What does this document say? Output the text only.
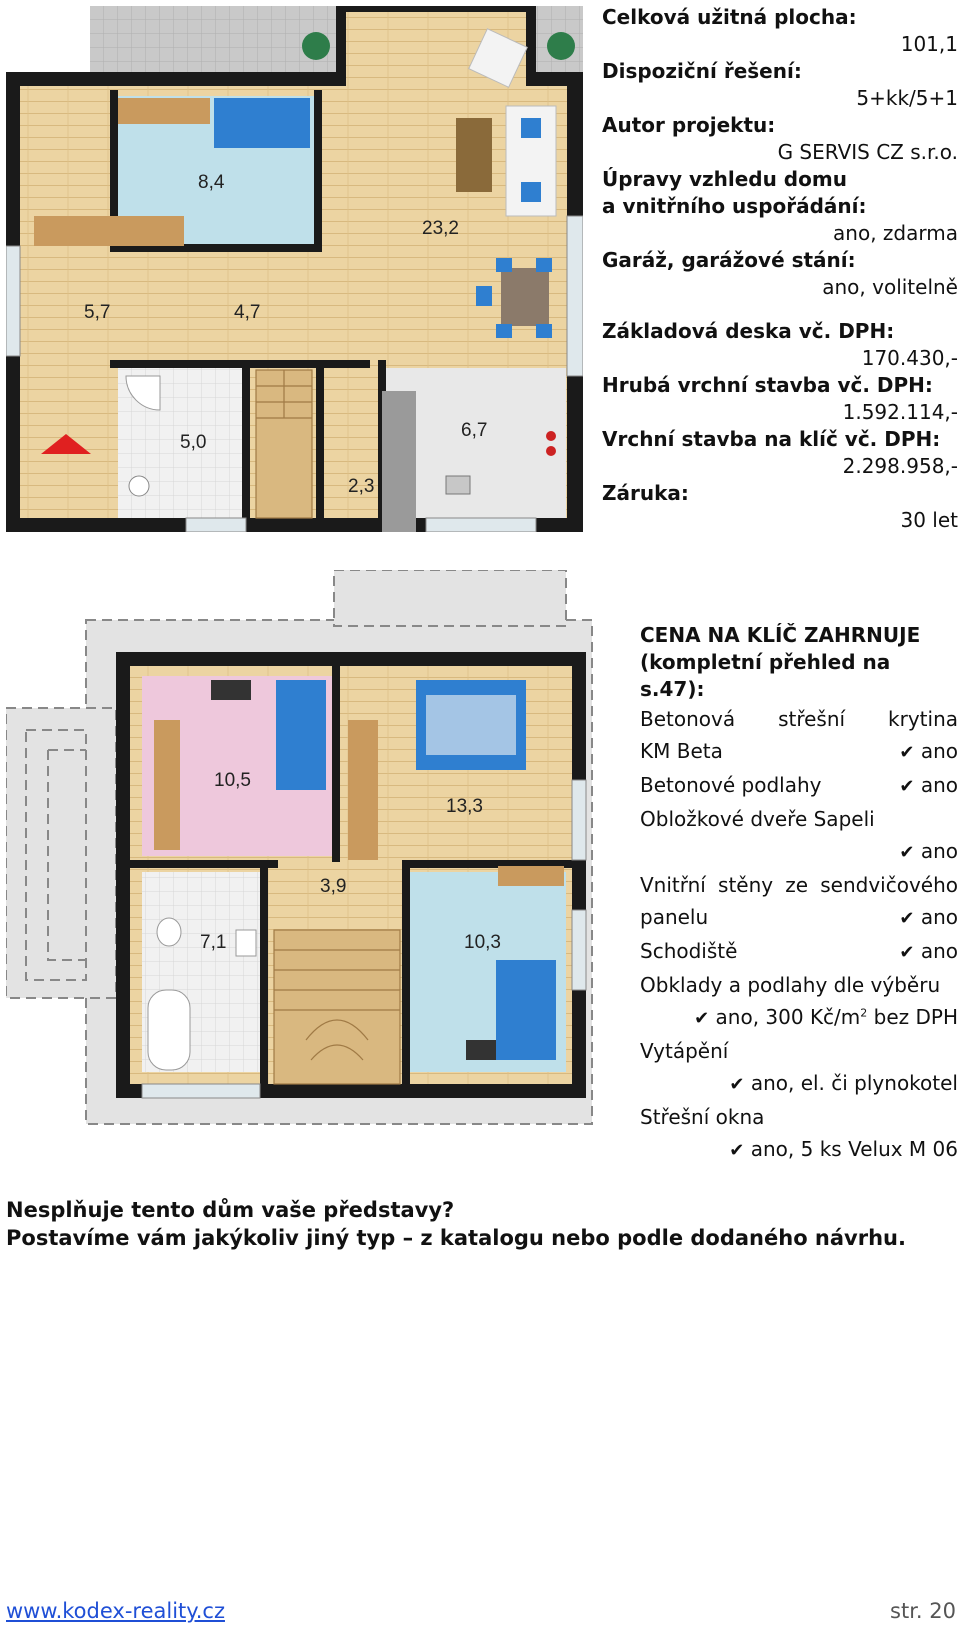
8,4
23,2
5,7	4,7
5,0
6,7
2,3
Celková užitná plocha:
101,1
Dispoziční řešení:
5+kk/5+1
Autor projektu:
G SERVIS CZ s.r.o.
Úpravy vzhledu domu
a vnitřního uspořádání:
ano, zdarma
Garáž, garážové stání:
ano, volitelně
Základová deska vč. DPH:
170.430,-
Hrubá vrchní stavba vč. DPH:
1.592.114,-
Vrchní stavba na klíč vč. DPH:
2.298.958,-
Záruka:
30 let
10,5
13,3
3,9
7,1	10,3
CENA NA KLÍČ ZAHRNUJE
(kompletní přehled na s.47):
Betonová střešní krytina
KM Beta	✔ ano
Betonové podlahy	✔ ano
Obložkové dveře Sapeli
✔ ano
Vnitřní stěny ze sendvičového
panelu	✔ ano
Schodiště	✔ ano
Obklady a podlahy dle výběru
✔ ano, 300 $Kč/m^2$ bez DPH
Vytápění
✔ ano, el. či plynokotel
Střešní okna
✔ ano, 5 ks Velux M 06
Nesplňuje tento dům vaše představy?
Postavíme vám jakýkoliv jiný typ – z katalogu nebo podle dodaného návrhu.
www.kodex-reality.cz	str. 20
